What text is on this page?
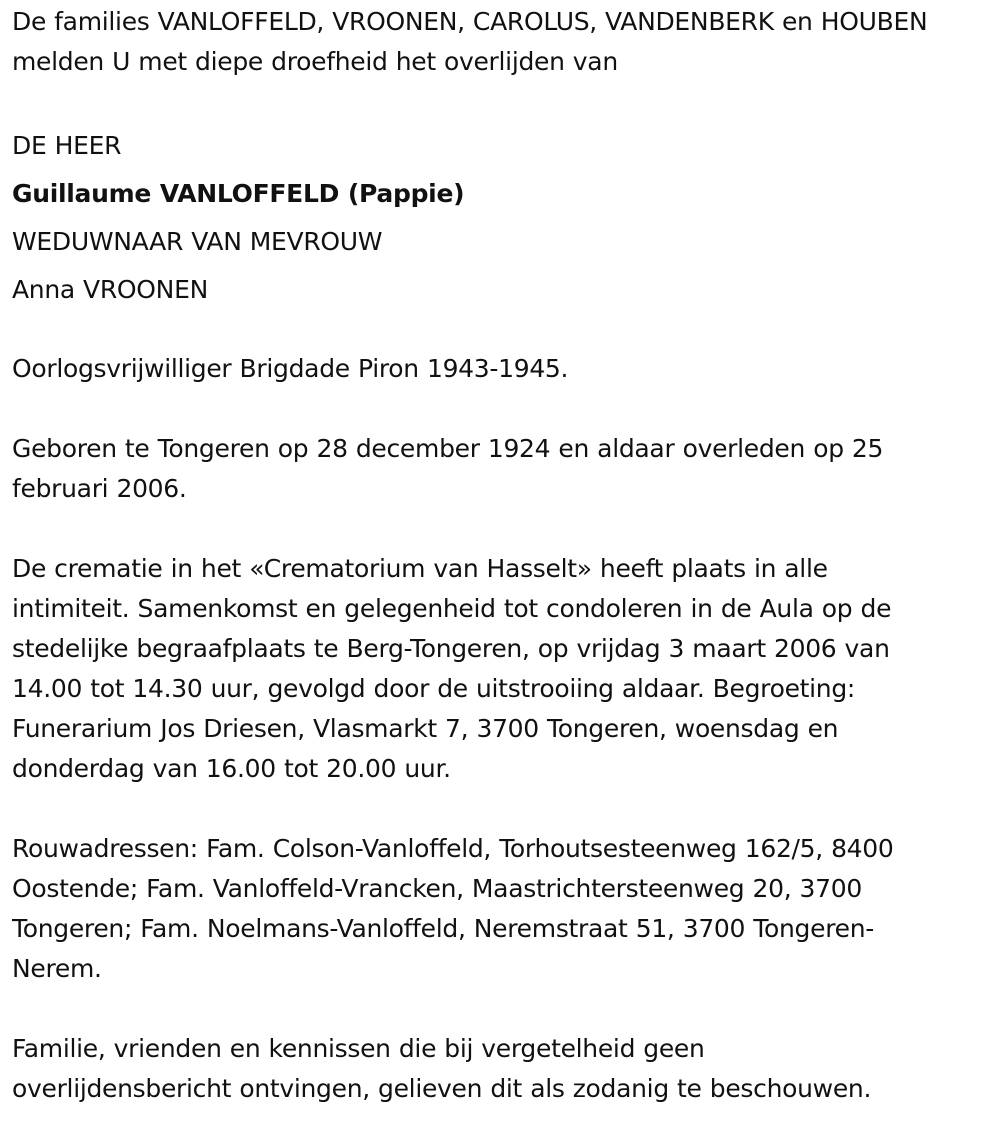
De families VANLOFFELD, VROONEN, CAROLUS, VANDENBERK en HOUBEN
melden U met diepe droefheid het overlijden van

DE HEER

Guillaume VANLOFFELD (Pappie)

WEDUWNAAR VAN MEVROUW

Anna VROONEN

Oorlogsvrijwilliger Brigdade Piron 1943-1945.

Geboren te Tongeren op 28 december 1924 en aldaar overleden op 25
februari 2006.

De crematie in het «Crematorium van Hasselt» heeft plaats in alle
intimiteit. Samenkomst en gelegenheid tot condoleren in de Aula op de
stedelijke begraafplaats te Berg-Tongeren, op vrijdag 3 maart 2006 van
14.00 tot 14.30 uur, gevolgd door de uitstrooiing aldaar. Begroeting:
Funerarium Jos Driesen, Vlasmarkt 7, 3700 Tongeren, woensdag en
donderdag van 16.00 tot 20.00 uur.

Rouwadressen: Fam. Colson-Vanloffeld, Torhoutsesteenweg 162/5, 8400
Oostende; Fam. Vanloffeld-Vrancken, Maastrichtersteenweg 20, 3700
Tongeren; Fam. Noelmans-Vanloffeld, Neremstraat 51, 3700 Tongeren-
Nerem.

Familie, vrienden en kennissen die bij vergetelheid geen
overlijdensbericht ontvingen, gelieven dit als zodanig te beschouwen.
